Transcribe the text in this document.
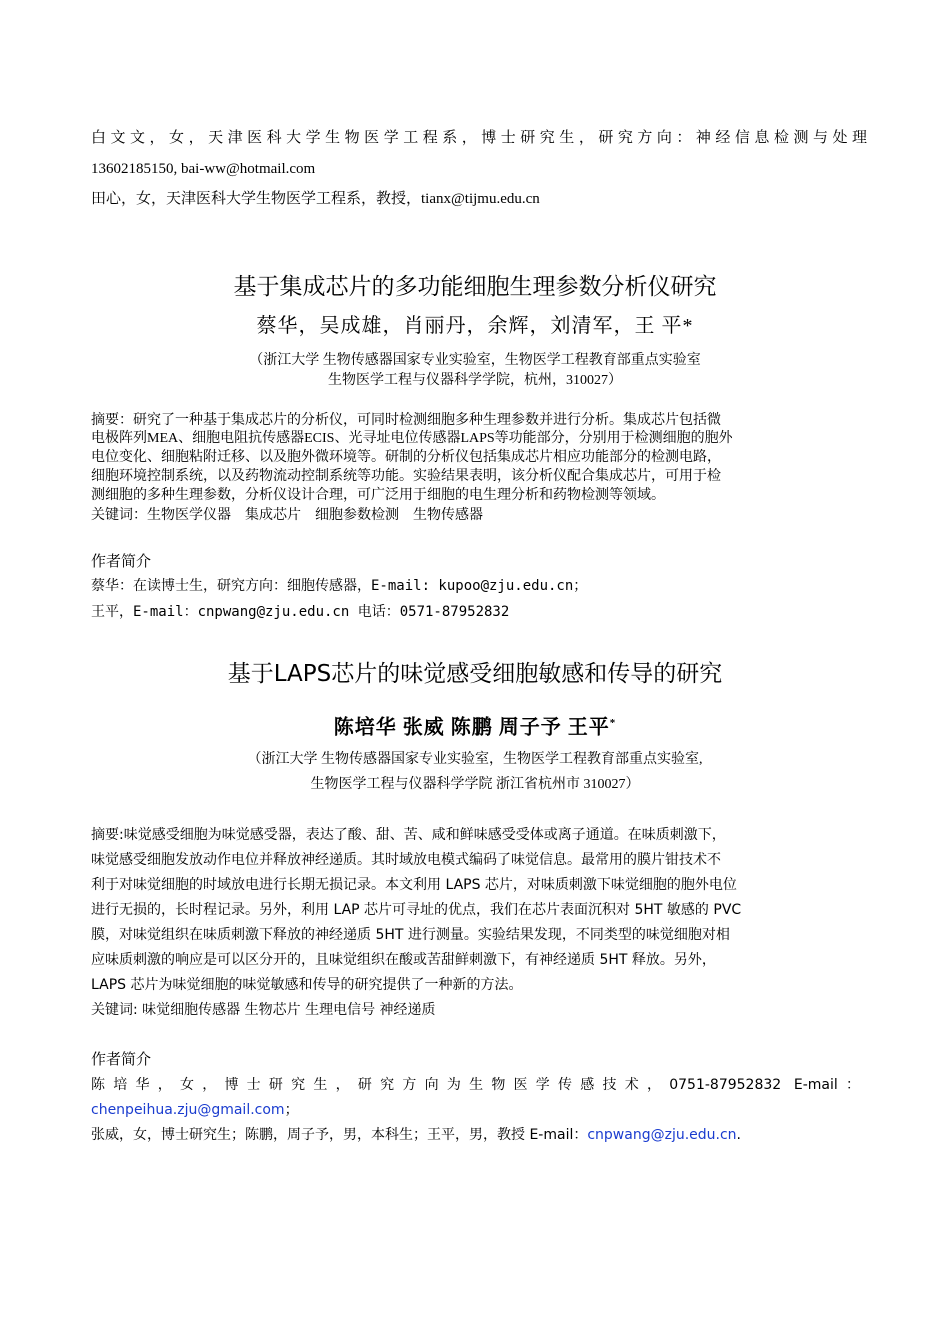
白文文，女，天津医科大学生物医学工程系，博士研究生，研究方向：神经信息检测与处理
13602185150, bai-ww@hotmail.com
田心，女，天津医科大学生物医学工程系，教授，tianx@tijmu.edu.cn
基于集成芯片的多功能细胞生理参数分析仪研究
蔡华，吴成雄，肖丽丹，余辉，刘清军，王 平*
（浙江大学 生物传感器国家专业实验室，生物医学工程教育部重点实验室
生物医学工程与仪器科学学院，杭州，310027）
摘要：研究了一种基于集成芯片的分析仪，可同时检测细胞多种生理参数并进行分析。集成芯片包括微
电极阵列MEA、细胞电阻抗传感器ECIS、光寻址电位传感器LAPS等功能部分，分别用于检测细胞的胞外
电位变化、细胞粘附迁移、以及胞外微环境等。研制的分析仪包括集成芯片相应功能部分的检测电路，
细胞环境控制系统，以及药物流动控制系统等功能。实验结果表明，该分析仪配合集成芯片，可用于检
测细胞的多种生理参数，分析仪设计合理，可广泛用于细胞的电生理分析和药物检测等领域。
关键词：生物医学仪器　集成芯片　细胞参数检测　生物传感器
作者简介
蔡华：在读博士生，研究方向：细胞传感器，E-mail: kupoo@zju.edu.cn；
王平，E-mail：cnpwang@zju.edu.cn 电话：0571-87952832
基于LAPS芯片的味觉感受细胞敏感和传导的研究
陈培华 张威 陈鹏 周子予 王平*
（浙江大学 生物传感器国家专业实验室，生物医学工程教育部重点实验室,
生物医学工程与仪器科学学院 浙江省杭州市 310027）
摘要:味觉感受细胞为味觉感受器，表达了酸、甜、苦、咸和鲜味感受受体或离子通道。在味质刺激下，
味觉感受细胞发放动作电位并释放神经递质。其时域放电模式编码了味觉信息。最常用的膜片钳技术不
利于对味觉细胞的时域放电进行长期无损记录。本文利用 LAPS 芯片，对味质刺激下味觉细胞的胞外电位
进行无损的，长时程记录。另外，利用 LAP 芯片可寻址的优点，我们在芯片表面沉积对 5HT 敏感的 PVC
膜，对味觉组织在味质刺激下释放的神经递质 5HT 进行测量。实验结果发现，不同类型的味觉细胞对相
应味质刺激的响应是可以区分开的，且味觉组织在酸或苦甜鲜刺激下，有神经递质 5HT 释放。另外，
LAPS 芯片为味觉细胞的味觉敏感和传导的研究提供了一种新的方法。
关键词: 味觉细胞传感器 生物芯片 生理电信号 神经递质
作者简介
陈培华，女，博士研究生，研究方向为生物医学传感技术，0751-87952832 E-mail：
chenpeihua.zju@gmail.com；
张威，女，博士研究生；陈鹏，周子予，男，本科生；王平，男，教授 E-mail：cnpwang@zju.edu.cn.
